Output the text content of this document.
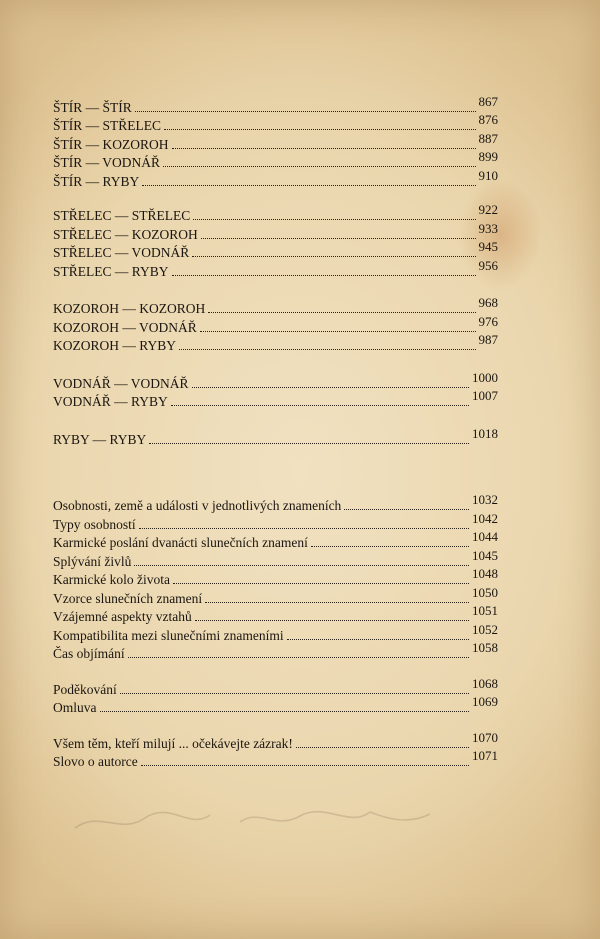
ŠTÍR — ŠTÍR	867
ŠTÍR — STŘELEC	876
ŠTÍR — KOZOROH	887
ŠTÍR — VODNÁŘ	899
ŠTÍR — RYBY	910
STŘELEC — STŘELEC	922
STŘELEC — KOZOROH	933
STŘELEC — VODNÁŘ	945
STŘELEC — RYBY	956
KOZOROH — KOZOROH	968
KOZOROH — VODNÁŘ	976
KOZOROH — RYBY	987
VODNÁŘ — VODNÁŘ	1000
VODNÁŘ — RYBY	1007
RYBY — RYBY	1018
Osobnosti, země a události v jednotlivých znameních	1032
Typy osobností	1042
Karmické poslání dvanácti slunečních znamení	1044
Splývání živlů	1045
Karmické kolo života	1048
Vzorce slunečních znamení	1050
Vzájemné aspekty vztahů	1051
Kompatibilita mezi slunečními znameními	1052
Čas objímání	1058
Poděkování	1068
Omluva	1069
Všem těm, kteří milují ... očekávejte zázrak!	1070
Slovo o autorce	1071
